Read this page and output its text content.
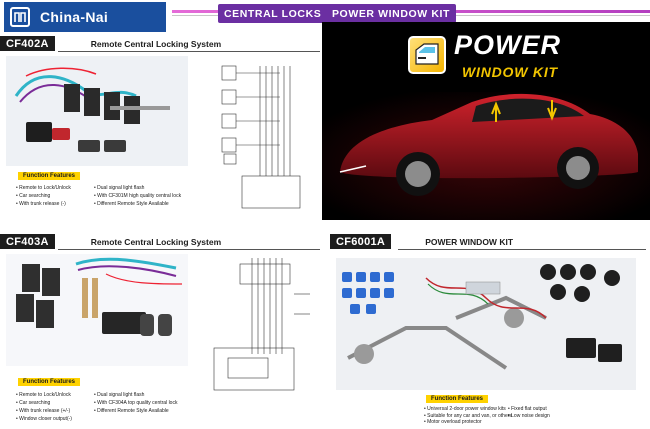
China-Nai	CENTRAL LOCKS   POWER WINDOW KIT
CF402A	Remote Central Locking System
Function Features
• Remote to Lock/Unlock
• Car searching
• With trunk release (-)
• Dual signal light flash
• With CF301M high quality central lock
• Different Remote Style Available
POWER
WINDOW KIT
CF403A	Remote Central Locking System
Function Features
• Remote to Lock/Unlock
• Car searching
• With trunk release (+/-)
• Window closer output(-)
• Dual signal light flash
• With CF304A top quality central lock
• Different Remote Style Available
CF6001A	POWER WINDOW KIT
Function Features
• Universal 2-door power window kits
• Suitable for any car and van, or others
• Motor overload protector
• Fixed flat output
• Low noise design
